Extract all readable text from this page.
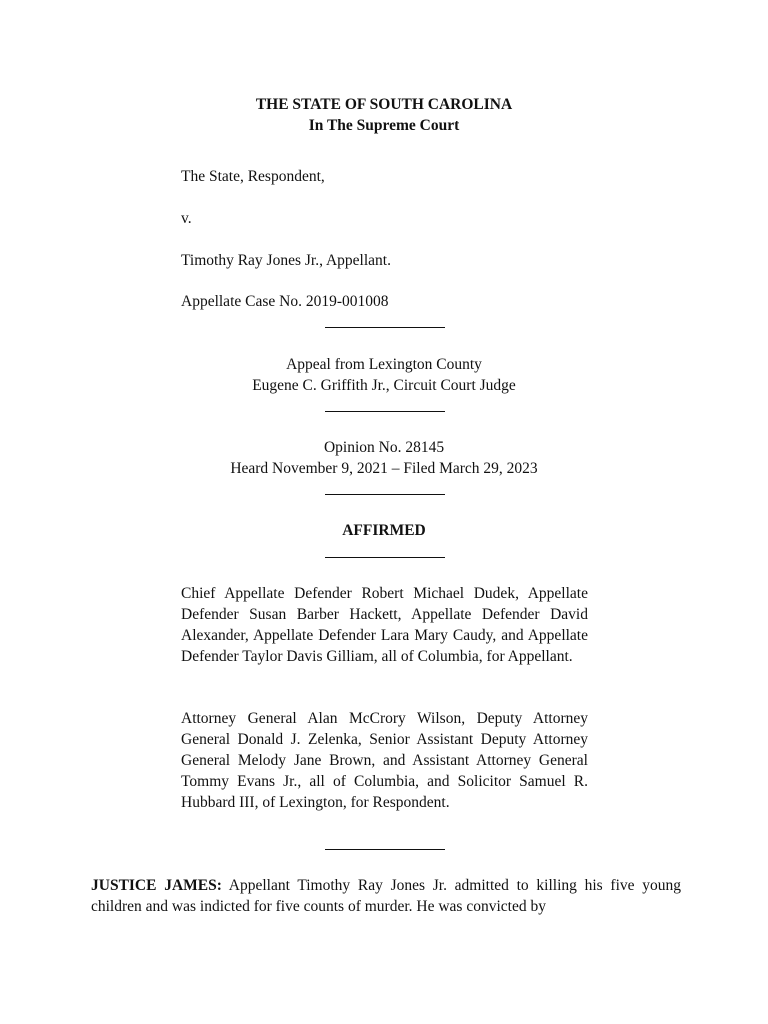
THE STATE OF SOUTH CAROLINA
In The Supreme Court
The State, Respondent,
v.
Timothy Ray Jones Jr., Appellant.
Appellate Case No. 2019-001008
Appeal from Lexington County
Eugene C. Griffith Jr., Circuit Court Judge
Opinion No. 28145
Heard November 9, 2021 – Filed March 29, 2023
AFFIRMED
Chief Appellate Defender Robert Michael Dudek, Appellate Defender Susan Barber Hackett, Appellate Defender David Alexander, Appellate Defender Lara Mary Caudy, and Appellate Defender Taylor Davis Gilliam, all of Columbia, for Appellant.
Attorney General Alan McCrory Wilson, Deputy Attorney General Donald J. Zelenka, Senior Assistant Deputy Attorney General Melody Jane Brown, and Assistant Attorney General Tommy Evans Jr., all of Columbia, and Solicitor Samuel R. Hubbard III, of Lexington, for Respondent.
JUSTICE JAMES: Appellant Timothy Ray Jones Jr. admitted to killing his five young children and was indicted for five counts of murder. He was convicted by
